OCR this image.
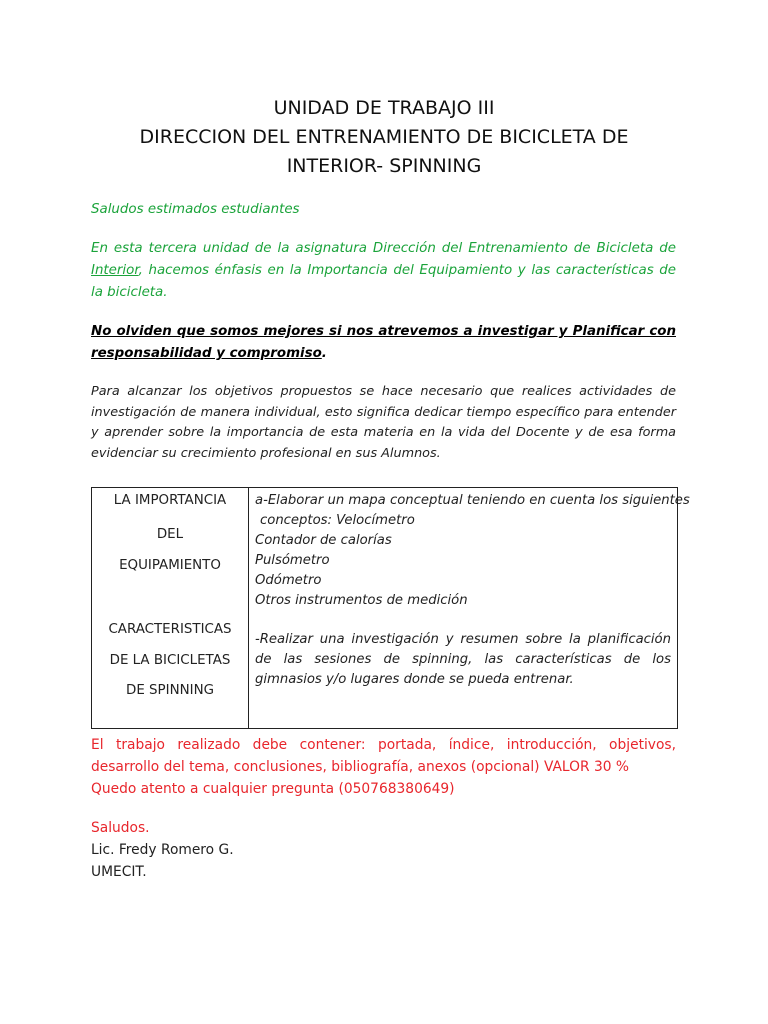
UNIDAD DE TRABAJO III
DIRECCION DEL ENTRENAMIENTO DE BICICLETA DE
INTERIOR- SPINNING
Saludos estimados estudiantes
En esta tercera unidad de la asignatura Dirección del Entrenamiento de Bicicleta de Interior, hacemos énfasis en la Importancia del Equipamiento y las características de la bicicleta.
No olviden que somos mejores si nos atrevemos a investigar y Planificar con responsabilidad y compromiso.
Para alcanzar los objetivos propuestos se hace necesario que realices actividades de investigación de manera individual, esto significa dedicar tiempo específico para entender y aprender sobre la importancia de esta materia en la vida del Docente y de esa forma evidenciar su crecimiento profesional en sus Alumnos.
LA IMPORTANCIA
DEL
EQUIPAMIENTO
CARACTERISTICAS
DE LA BICICLETAS
DE SPINNING
a-Elaborar un mapa conceptual teniendo en cuenta los siguientes
conceptos: Velocímetro
Contador de calorías
Pulsómetro
Odómetro
Otros instrumentos de medición
-Realizar una investigación y resumen sobre la planificación de las sesiones de spinning, las características de los gimnasios y/o lugares donde se pueda entrenar.
El trabajo realizado debe contener: portada, índice, introducción, objetivos, desarrollo del tema, conclusiones, bibliografía, anexos (opcional) VALOR 30 %
Quedo atento a cualquier pregunta (050768380649)
Saludos.
Lic. Fredy Romero G.
UMECIT.
